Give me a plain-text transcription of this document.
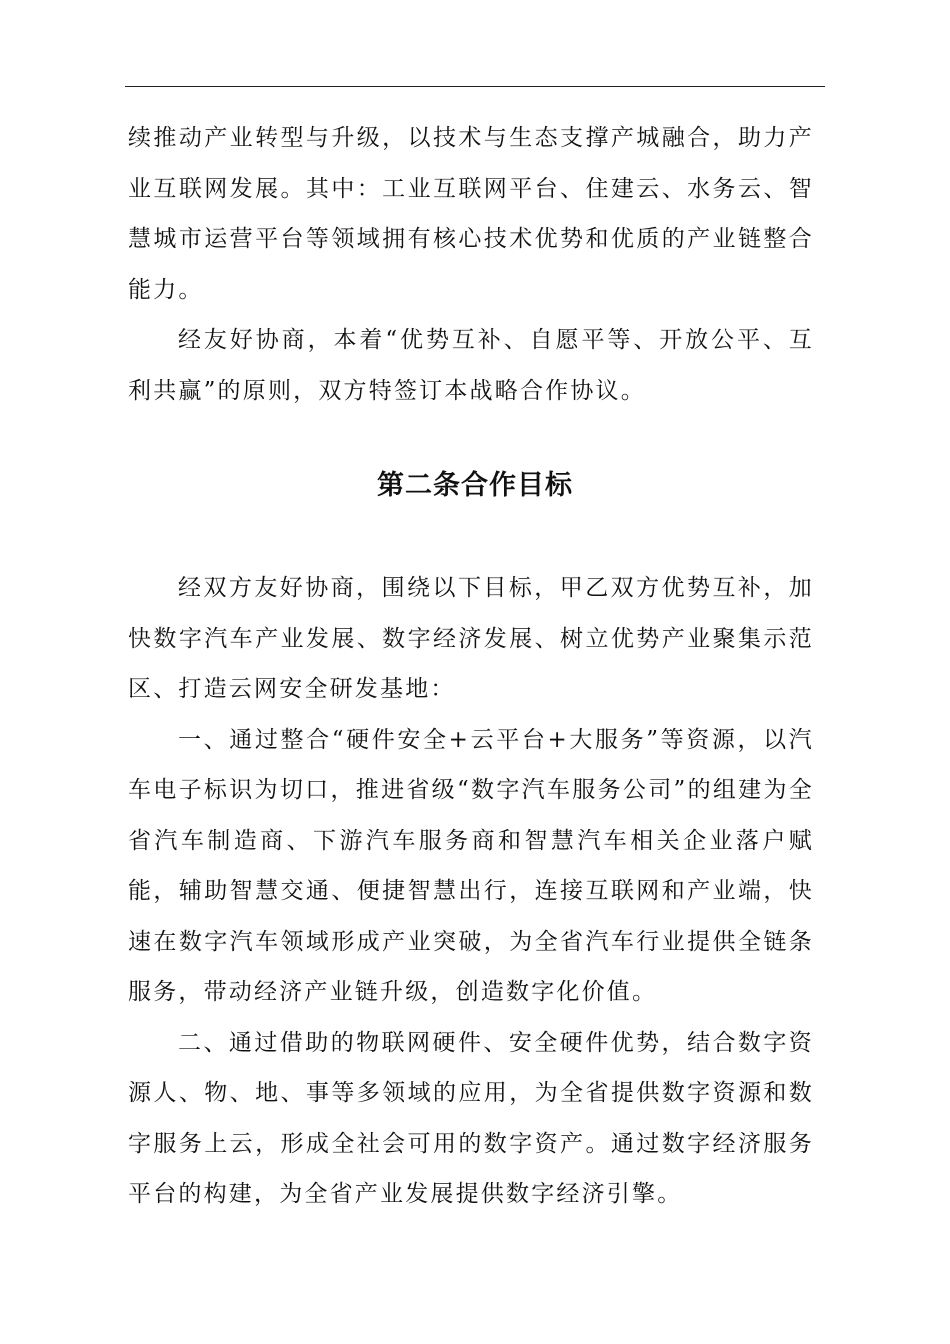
续推动产业转型与升级，以技术与生态支撑产城融合，助力产业互联网发展。其中：工业互联网平台、住建云、水务云、智慧城市运营平台等领域拥有核心技术优势和优质的产业链整合能力。

经友好协商，本着“优势互补、自愿平等、开放公平、互利共赢”的原则，双方特签订本战略合作协议。

第二条合作目标

经双方友好协商，围绕以下目标，甲乙双方优势互补，加快数字汽车产业发展、数字经济发展、树立优势产业聚集示范区、打造云网安全研发基地：

一、通过整合“硬件安全+云平台+大服务”等资源，以汽车电子标识为切口，推进省级“数字汽车服务公司”的组建为全省汽车制造商、下游汽车服务商和智慧汽车相关企业落户赋能，辅助智慧交通、便捷智慧出行，连接互联网和产业端，快速在数字汽车领域形成产业突破，为全省汽车行业提供全链条服务，带动经济产业链升级，创造数字化价值。

二、通过借助的物联网硬件、安全硬件优势，结合数字资源人、物、地、事等多领域的应用，为全省提供数字资源和数字服务上云，形成全社会可用的数字资产。通过数字经济服务平台的构建，为全省产业发展提供数字经济引擎。
